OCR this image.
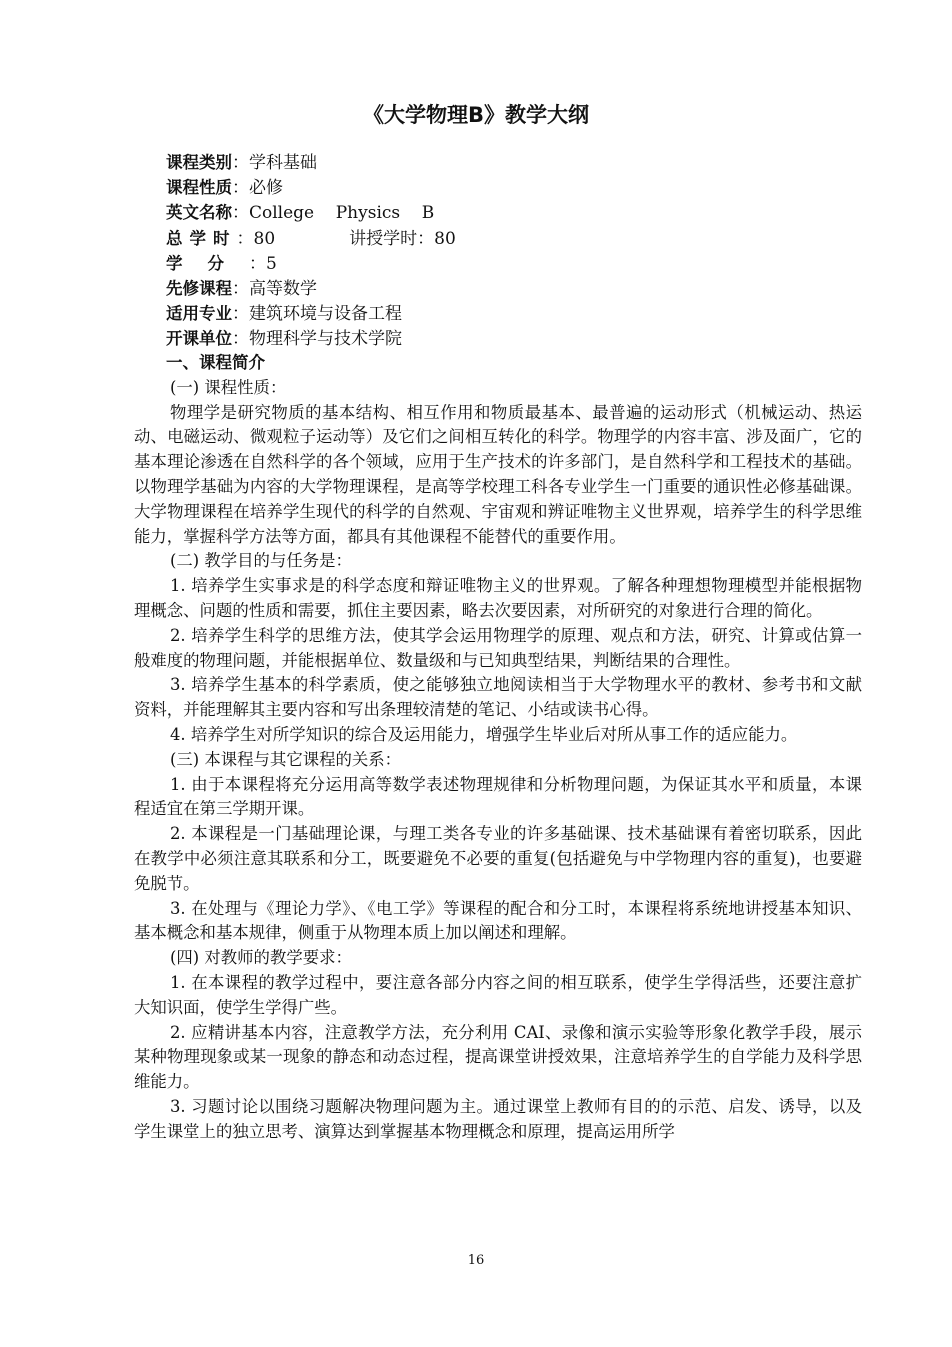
《大学物理B》教学大纲
课程类别：学科基础
课程性质：必修
英文名称：College    Physics    B
总学时：80	讲授学时：80
学分：5
先修课程：高等数学
适用专业：建筑环境与设备工程
开课单位：物理科学与技术学院

一、课程简介

(一) 课程性质：

物理学是研究物质的基本结构、相互作用和物质最基本、最普遍的运动形式（机械运动、热运动、电磁运动、微观粒子运动等）及它们之间相互转化的科学。物理学的内容丰富、涉及面广，它的基本理论渗透在自然科学的各个领域，应用于生产技术的许多部门，是自然科学和工程技术的基础。以物理学基础为内容的大学物理课程，是高等学校理工科各专业学生一门重要的通识性必修基础课。大学物理课程在培养学生现代的科学的自然观、宇宙观和辨证唯物主义世界观，培养学生的科学思维能力，掌握科学方法等方面，都具有其他课程不能替代的重要作用。

(二) 教学目的与任务是：

1. 培养学生实事求是的科学态度和辩证唯物主义的世界观。了解各种理想物理模型并能根据物理概念、问题的性质和需要，抓住主要因素，略去次要因素，对所研究的对象进行合理的简化。

2. 培养学生科学的思维方法，使其学会运用物理学的原理、观点和方法，研究、计算或估算一般难度的物理问题，并能根据单位、数量级和与已知典型结果，判断结果的合理性。

3. 培养学生基本的科学素质，使之能够独立地阅读相当于大学物理水平的教材、参考书和文献资料，并能理解其主要内容和写出条理较清楚的笔记、小结或读书心得。

4. 培养学生对所学知识的综合及运用能力，增强学生毕业后对所从事工作的适应能力。

(三) 本课程与其它课程的关系：

1. 由于本课程将充分运用高等数学表述物理规律和分析物理问题，为保证其水平和质量，本课程适宜在第三学期开课。

2. 本课程是一门基础理论课，与理工类各专业的许多基础课、技术基础课有着密切联系，因此在教学中必须注意其联系和分工，既要避免不必要的重复(包括避免与中学物理内容的重复)，也要避免脱节。

3. 在处理与《理论力学》、《电工学》等课程的配合和分工时，本课程将系统地讲授基本知识、基本概念和基本规律，侧重于从物理本质上加以阐述和理解。

(四) 对教师的教学要求：

1. 在本课程的教学过程中，要注意各部分内容之间的相互联系，使学生学得活些，还要注意扩大知识面，使学生学得广些。

2. 应精讲基本内容，注意教学方法，充分利用 CAI、录像和演示实验等形象化教学手段，展示某种物理现象或某一现象的静态和动态过程，提高课堂讲授效果，注意培养学生的自学能力及科学思维能力。

3. 习题讨论以围绕习题解决物理问题为主。通过课堂上教师有目的的示范、启发、诱导，以及学生课堂上的独立思考、演算达到掌握基本物理概念和原理，提高运用所学

16
